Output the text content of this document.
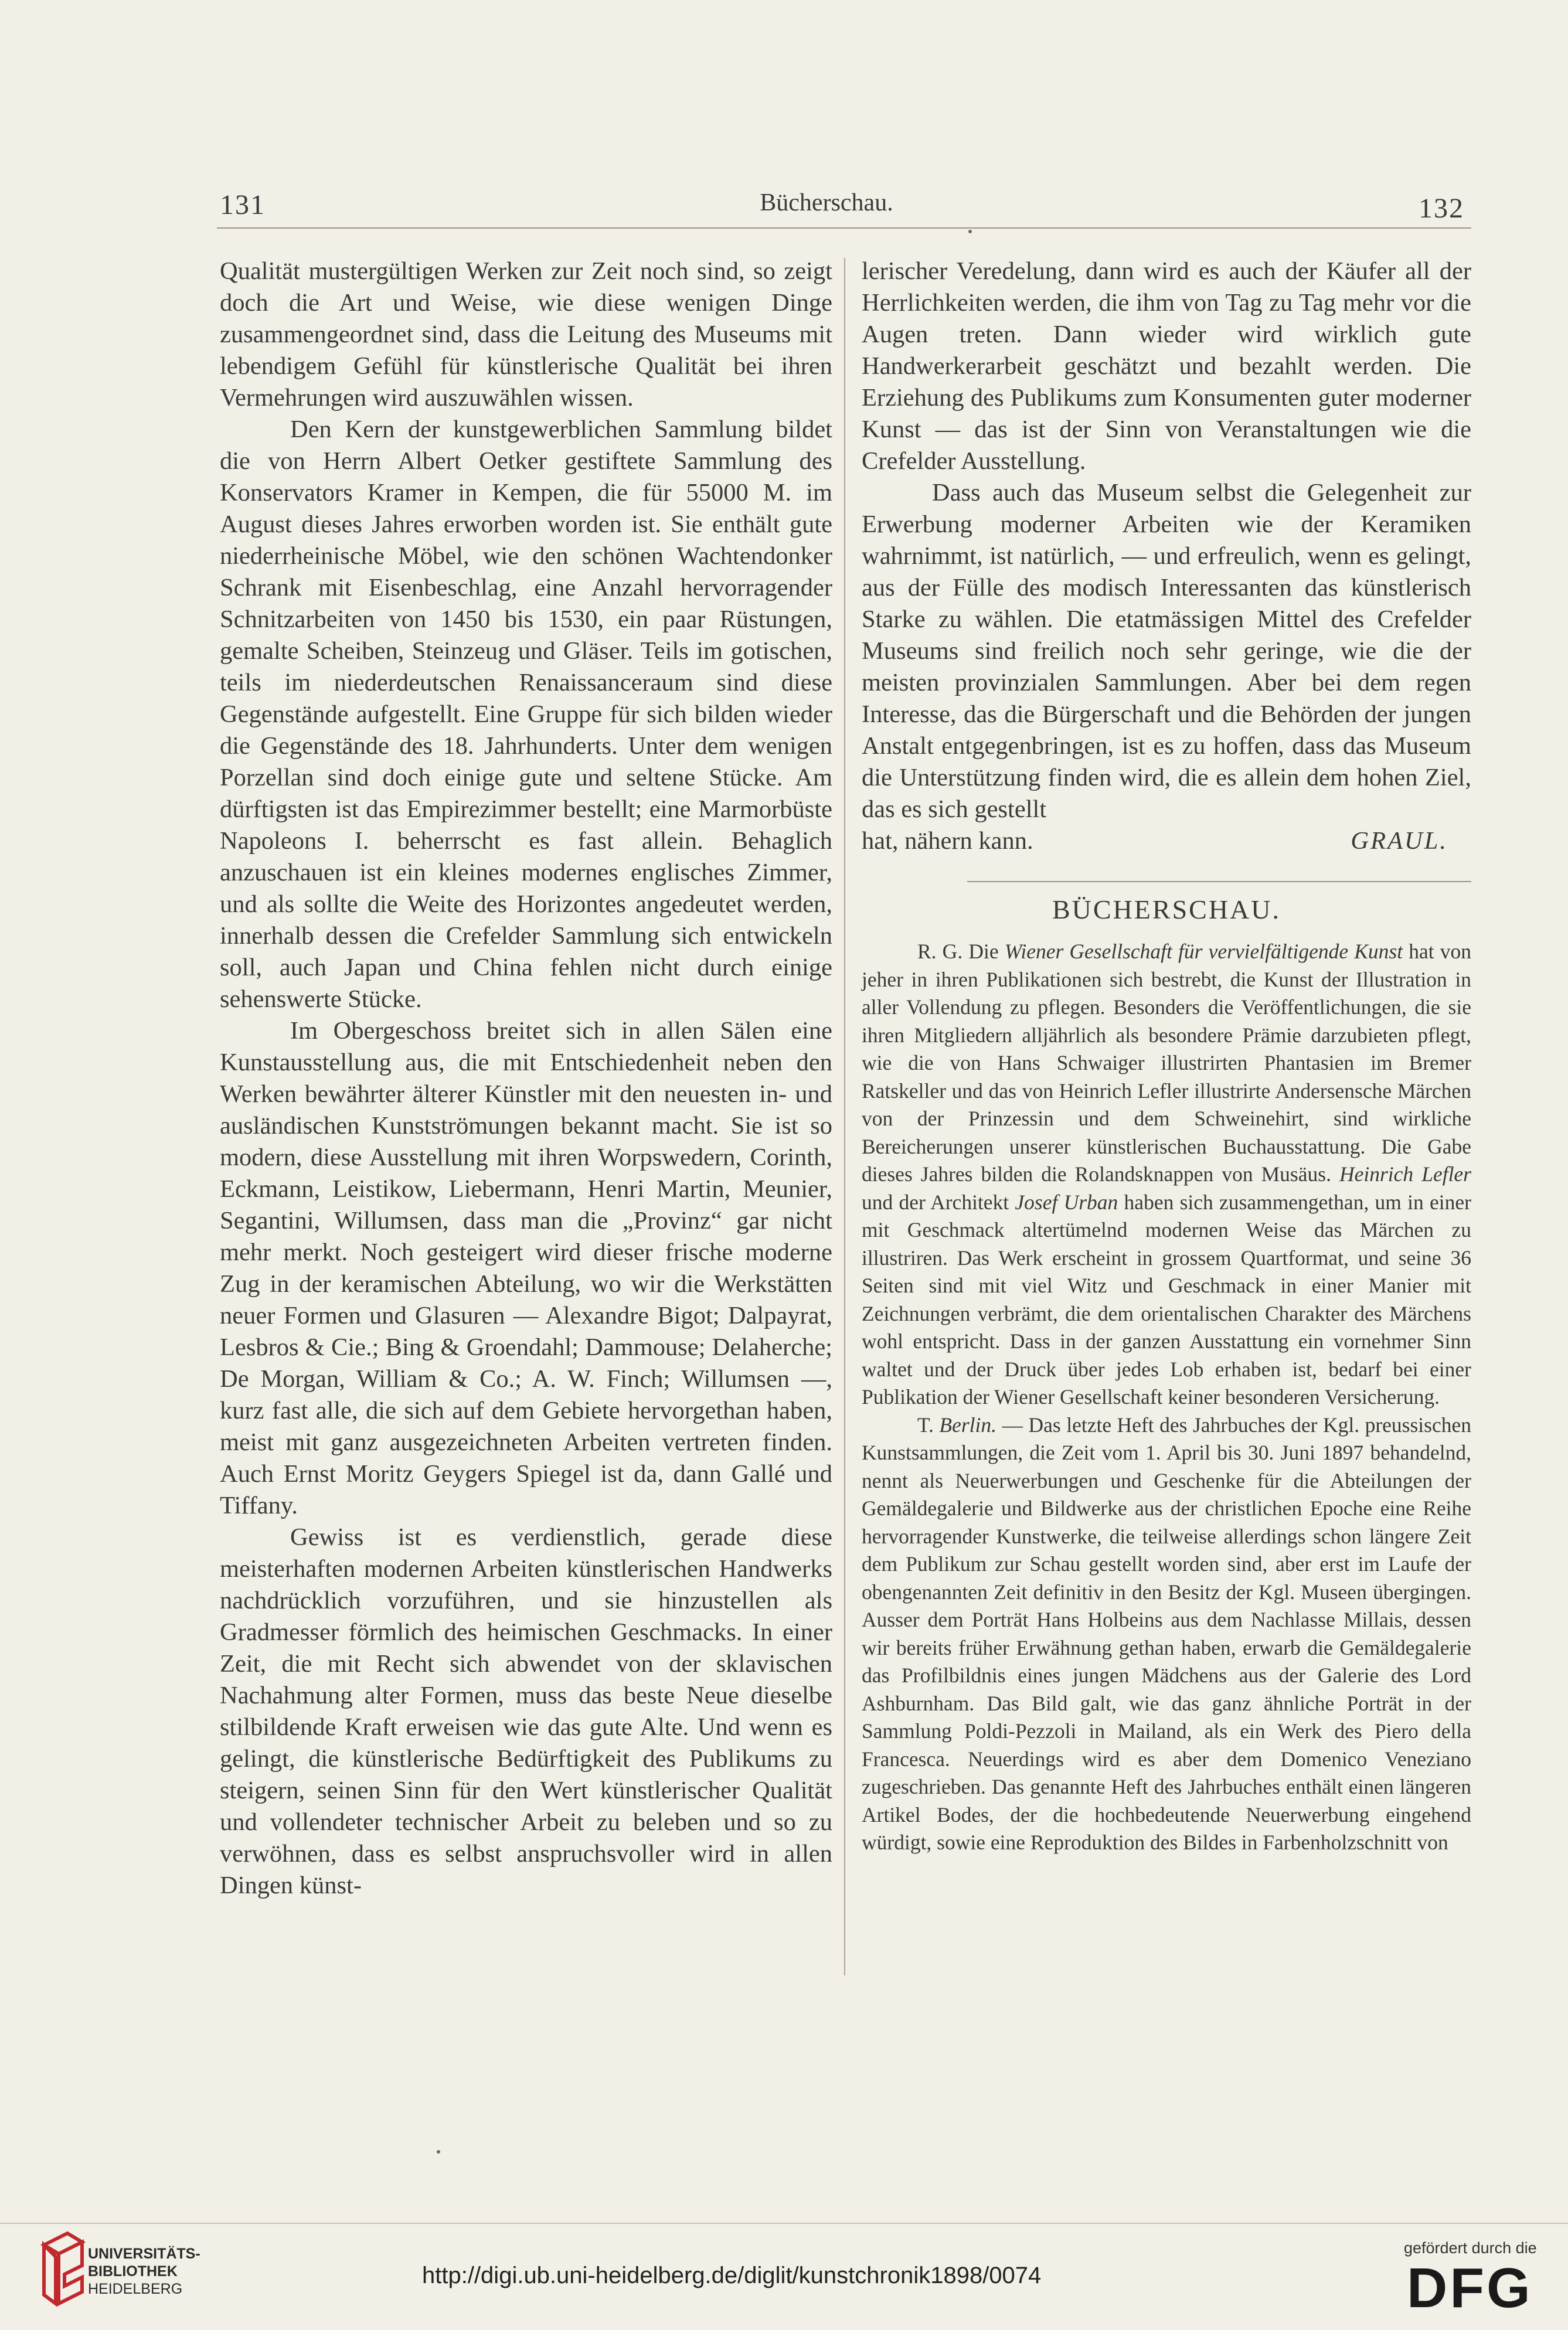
131	Bücherschau.	132

Qualität mustergültigen Werken zur Zeit noch sind, so zeigt doch die Art und Weise, wie diese wenigen Dinge zusammengeordnet sind, dass die Leitung des Museums mit lebendigem Gefühl für künstlerische Qualität bei ihren Vermehrungen wird auszuwählen wissen.

Den Kern der kunstgewerblichen Sammlung bildet die von Herrn Albert Oetker gestiftete Sammlung des Konservators Kramer in Kempen, die für 55000 M. im August dieses Jahres erworben worden ist. Sie enthält gute niederrheinische Möbel, wie den schönen Wachtendonker Schrank mit Eisenbeschlag, eine Anzahl hervorragender Schnitzarbeiten von 1450 bis 1530, ein paar Rüstungen, gemalte Scheiben, Steinzeug und Gläser. Teils im gotischen, teils im niederdeutschen Renaissanceraum sind diese Gegenstände aufgestellt. Eine Gruppe für sich bilden wieder die Gegenstände des 18. Jahrhunderts. Unter dem wenigen Porzellan sind doch einige gute und seltene Stücke. Am dürftigsten ist das Empirezimmer bestellt; eine Marmorbüste Napoleons I. beherrscht es fast allein. Behaglich anzuschauen ist ein kleines modernes englisches Zimmer, und als sollte die Weite des Horizontes angedeutet werden, innerhalb dessen die Crefelder Sammlung sich entwickeln soll, auch Japan und China fehlen nicht durch einige sehenswerte Stücke.

Im Obergeschoss breitet sich in allen Sälen eine Kunstausstellung aus, die mit Entschiedenheit neben den Werken bewährter älterer Künstler mit den neuesten in- und ausländischen Kunstströmungen bekannt macht. Sie ist so modern, diese Ausstellung mit ihren Worpswedern, Corinth, Eckmann, Leistikow, Liebermann, Henri Martin, Meunier, Segantini, Willumsen, dass man die „Provinz“ gar nicht mehr merkt. Noch gesteigert wird dieser frische moderne Zug in der keramischen Abteilung, wo wir die Werkstätten neuer Formen und Glasuren — Alexandre Bigot; Dalpayrat, Lesbros & Cie.; Bing & Groendahl; Dammouse; Delaherche; De Morgan, William & Co.; A. W. Finch; Willumsen —, kurz fast alle, die sich auf dem Gebiete hervorgethan haben, meist mit ganz ausgezeichneten Arbeiten vertreten finden. Auch Ernst Moritz Geygers Spiegel ist da, dann Gallé und Tiffany.

Gewiss ist es verdienstlich, gerade diese meisterhaften modernen Arbeiten künstlerischen Handwerks nachdrücklich vorzuführen, und sie hinzustellen als Gradmesser förmlich des heimischen Geschmacks. In einer Zeit, die mit Recht sich abwendet von der sklavischen Nachahmung alter Formen, muss das beste Neue dieselbe stilbildende Kraft erweisen wie das gute Alte. Und wenn es gelingt, die künstlerische Bedürftigkeit des Publikums zu steigern, seinen Sinn für den Wert künstlerischer Qualität und vollendeter technischer Arbeit zu beleben und so zu verwöhnen, dass es selbst anspruchsvoller wird in allen Dingen künst-

lerischer Veredelung, dann wird es auch der Käufer all der Herrlichkeiten werden, die ihm von Tag zu Tag mehr vor die Augen treten. Dann wieder wird wirklich gute Handwerkerarbeit geschätzt und bezahlt werden. Die Erziehung des Publikums zum Konsumenten guter moderner Kunst — das ist der Sinn von Veranstaltungen wie die Crefelder Ausstellung.

Dass auch das Museum selbst die Gelegenheit zur Erwerbung moderner Arbeiten wie der Keramiken wahrnimmt, ist natürlich, — und erfreulich, wenn es gelingt, aus der Fülle des modisch Interessanten das künstlerisch Starke zu wählen. Die etatmässigen Mittel des Crefelder Museums sind freilich noch sehr geringe, wie die der meisten provinzialen Sammlungen. Aber bei dem regen Interesse, das die Bürgerschaft und die Behörden der jungen Anstalt entgegenbringen, ist es zu hoffen, dass das Museum die Unterstützung finden wird, die es allein dem hohen Ziel, das es sich gestellt

hat, nähern kann.	GRAUL.

BÜCHERSCHAU.

R. G. Die Wiener Gesellschaft für vervielfältigende Kunst hat von jeher in ihren Publikationen sich bestrebt, die Kunst der Illustration in aller Vollendung zu pflegen. Besonders die Veröffentlichungen, die sie ihren Mitgliedern alljährlich als besondere Prämie darzubieten pflegt, wie die von Hans Schwaiger illustrirten Phantasien im Bremer Ratskeller und das von Heinrich Lefler illustrirte Andersensche Märchen von der Prinzessin und dem Schweinehirt, sind wirkliche Bereicherungen unserer künstlerischen Buchausstattung. Die Gabe dieses Jahres bilden die Rolandsknappen von Musäus. Heinrich Lefler und der Architekt Josef Urban haben sich zusammengethan, um in einer mit Geschmack altertümelnd modernen Weise das Märchen zu illustriren. Das Werk erscheint in grossem Quartformat, und seine 36 Seiten sind mit viel Witz und Geschmack in einer Manier mit Zeichnungen verbrämt, die dem orientalischen Charakter des Märchens wohl entspricht. Dass in der ganzen Ausstattung ein vornehmer Sinn waltet und der Druck über jedes Lob erhaben ist, bedarf bei einer Publikation der Wiener Gesellschaft keiner besonderen Versicherung.

T. Berlin. — Das letzte Heft des Jahrbuches der Kgl. preussischen Kunstsammlungen, die Zeit vom 1. April bis 30. Juni 1897 behandelnd, nennt als Neuerwerbungen und Geschenke für die Abteilungen der Gemäldegalerie und Bildwerke aus der christlichen Epoche eine Reihe hervorragender Kunstwerke, die teilweise allerdings schon längere Zeit dem Publikum zur Schau gestellt worden sind, aber erst im Laufe der obengenannten Zeit definitiv in den Besitz der Kgl. Museen übergingen. Ausser dem Porträt Hans Holbeins aus dem Nachlasse Millais, dessen wir bereits früher Erwähnung gethan haben, erwarb die Gemäldegalerie das Profilbildnis eines jungen Mädchens aus der Galerie des Lord Ashburnham. Das Bild galt, wie das ganz ähnliche Porträt in der Sammlung Poldi-Pezzoli in Mailand, als ein Werk des Piero della Francesca. Neuerdings wird es aber dem Domenico Veneziano zugeschrieben. Das genannte Heft des Jahrbuches enthält einen längeren Artikel Bodes, der die hochbedeutende Neuerwerbung eingehend würdigt, sowie eine Reproduktion des Bildes in Farbenholzschnitt von

UNIVERSITÄTS-
BIBLIOTHEK
HEIDELBERG
http://digi.ub.uni-heidelberg.de/diglit/kunstchronik1898/0074
gefördert durch die
DFG
